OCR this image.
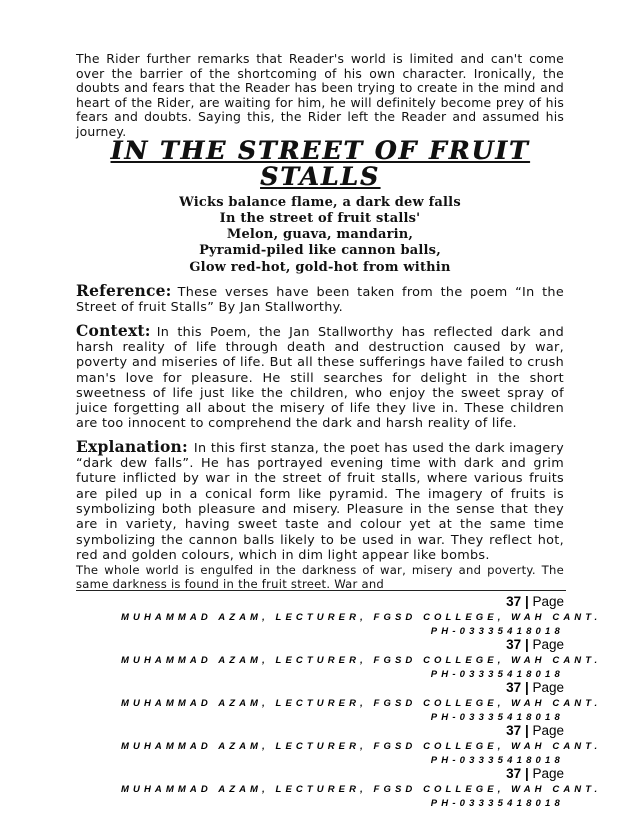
The Rider further remarks that Reader's world is limited and can't come over the barrier of the shortcoming of his own character. Ironically, the doubts and fears that the Reader has been trying to create in the mind and heart of the Rider, are waiting for him, he will definitely become prey of his fears and doubts. Saying this, the Rider left the Reader and assumed his journey.
IN THE STREET OF FRUIT STALLS
Wicks balance flame, a dark dew falls
In the street of fruit stalls'
Melon, guava, mandarin,
Pyramid-piled like cannon balls,
Glow red-hot, gold-hot from within
Reference: These verses have been taken from the poem “In the Street of fruit Stalls” By Jan Stallworthy.
Context: In this Poem, the Jan Stallworthy has reflected dark and harsh reality of life through death and destruction caused by war, poverty and miseries of life. But all these sufferings have failed to crush man's love for pleasure. He still searches for delight in the short sweetness of life just like the children, who enjoy the sweet spray of juice forgetting all about the misery of life they live in. These children are too innocent to comprehend the dark and harsh reality of life.
Explanation: In this first stanza, the poet has used the dark imagery “dark dew falls”. He has portrayed evening time with dark and grim future inflicted by war in the street of fruit stalls, where various fruits are piled up in a conical form like pyramid. The imagery of fruits is symbolizing both pleasure and misery. Pleasure in the sense that they are in variety, having sweet taste and colour yet at the same time symbolizing the cannon balls likely to be used in war. They reflect hot, red and golden colours, which in dim light appear like bombs.
The whole world is engulfed in the darkness of war, misery and poverty. The same darkness is found in the fruit street. War and
37 | Page
MUHAMMAD AZAM, LECTURER, FGSD COLLEGE, WAH CANT.
PH-03335418018
37 | Page
MUHAMMAD AZAM, LECTURER, FGSD COLLEGE, WAH CANT.
PH-03335418018
37 | Page
MUHAMMAD AZAM, LECTURER, FGSD COLLEGE, WAH CANT.
PH-03335418018
37 | Page
MUHAMMAD AZAM, LECTURER, FGSD COLLEGE, WAH CANT.
PH-03335418018
37 | Page
MUHAMMAD AZAM, LECTURER, FGSD COLLEGE, WAH CANT.
PH-03335418018
